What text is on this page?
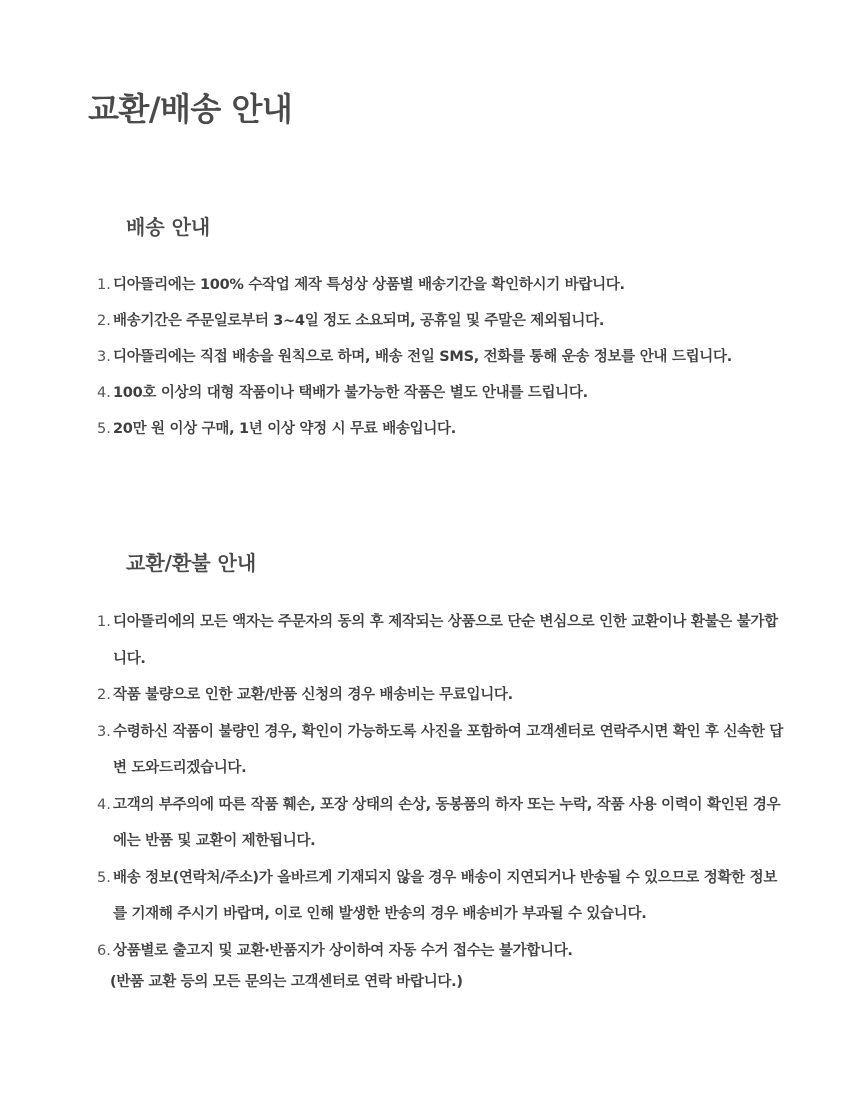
교환/배송 안내
배송 안내
1. 디아뜰리에는 100% 수작업 제작 특성상 상품별 배송기간을 확인하시기 바랍니다.
2. 배송기간은 주문일로부터 3~4일 정도 소요되며, 공휴일 및 주말은 제외됩니다.
3. 디아뜰리에는 직접 배송을 원칙으로 하며, 배송 전일 SMS, 전화를 통해 운송 정보를 안내 드립니다.
4. 100호 이상의 대형 작품이나 택배가 불가능한 작품은 별도 안내를 드립니다.
5. 20만 원 이상 구매, 1년 이상 약정 시 무료 배송입니다.
교환/환불 안내
1. 디아뜰리에의 모든 액자는 주문자의 동의 후 제작되는 상품으로 단순 변심으로 인한 교환이나 환불은 불가합니다.
2. 작품 불량으로 인한 교환/반품 신청의 경우 배송비는 무료입니다.
3. 수령하신 작품이 불량인 경우, 확인이 가능하도록 사진을 포함하여 고객센터로 연락주시면 확인 후 신속한 답변 도와드리겠습니다.
4. 고객의 부주의에 따른 작품 훼손, 포장 상태의 손상, 동봉품의 하자 또는 누락, 작품 사용 이력이 확인된 경우에는 반품 및 교환이 제한됩니다.
5. 배송 정보(연락처/주소)가 올바르게 기재되지 않을 경우 배송이 지연되거나 반송될 수 있으므로 정확한 정보를 기재해 주시기 바랍며, 이로 인해 발생한 반송의 경우 배송비가 부과될 수 있습니다.
6. 상품별로 출고지 및 교환·반품지가 상이하여 자동 수거 접수는 불가합니다.

(반품 교환 등의 모든 문의는 고객센터로 연락 바랍니다.)
